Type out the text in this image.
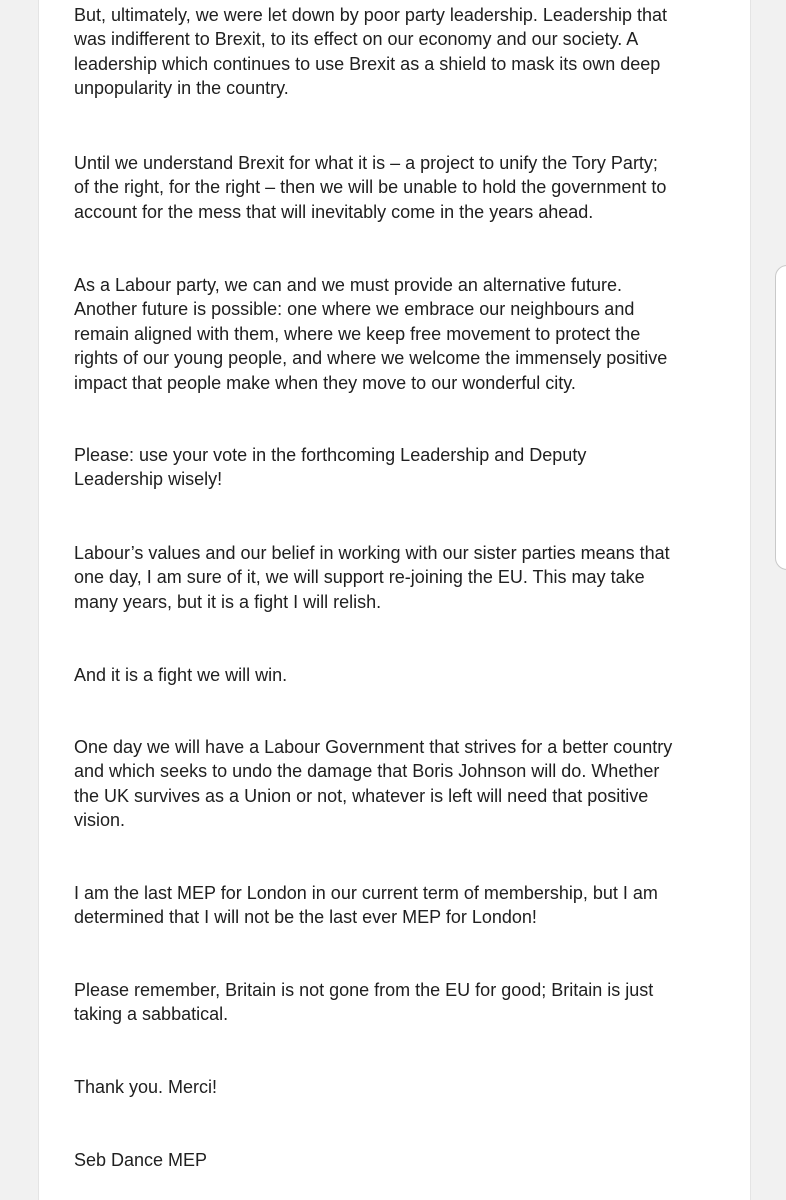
But, ultimately, we were let down by poor party leadership. Leadership that
was indifferent to Brexit, to its effect on our economy and our society. A
leadership which continues to use Brexit as a shield to mask its own deep
unpopularity in the country.

Until we understand Brexit for what it is – a project to unify the Tory Party;
of the right, for the right – then we will be unable to hold the government to
account for the mess that will inevitably come in the years ahead.

As a Labour party, we can and we must provide an alternative future.
Another future is possible: one where we embrace our neighbours and
remain aligned with them, where we keep free movement to protect the
rights of our young people, and where we welcome the immensely positive
impact that people make when they move to our wonderful city.

Please: use your vote in the forthcoming Leadership and Deputy
Leadership wisely!

Labour’s values and our belief in working with our sister parties means that
one day, I am sure of it, we will support re-joining the EU. This may take
many years, but it is a fight I will relish.

And it is a fight we will win.

One day we will have a Labour Government that strives for a better country
and which seeks to undo the damage that Boris Johnson will do. Whether
the UK survives as a Union or not, whatever is left will need that positive
vision.

I am the last MEP for London in our current term of membership, but I am
determined that I will not be the last ever MEP for London!

Please remember, Britain is not gone from the EU for good; Britain is just
taking a sabbatical.

Thank you. Merci!

Seb Dance MEP
